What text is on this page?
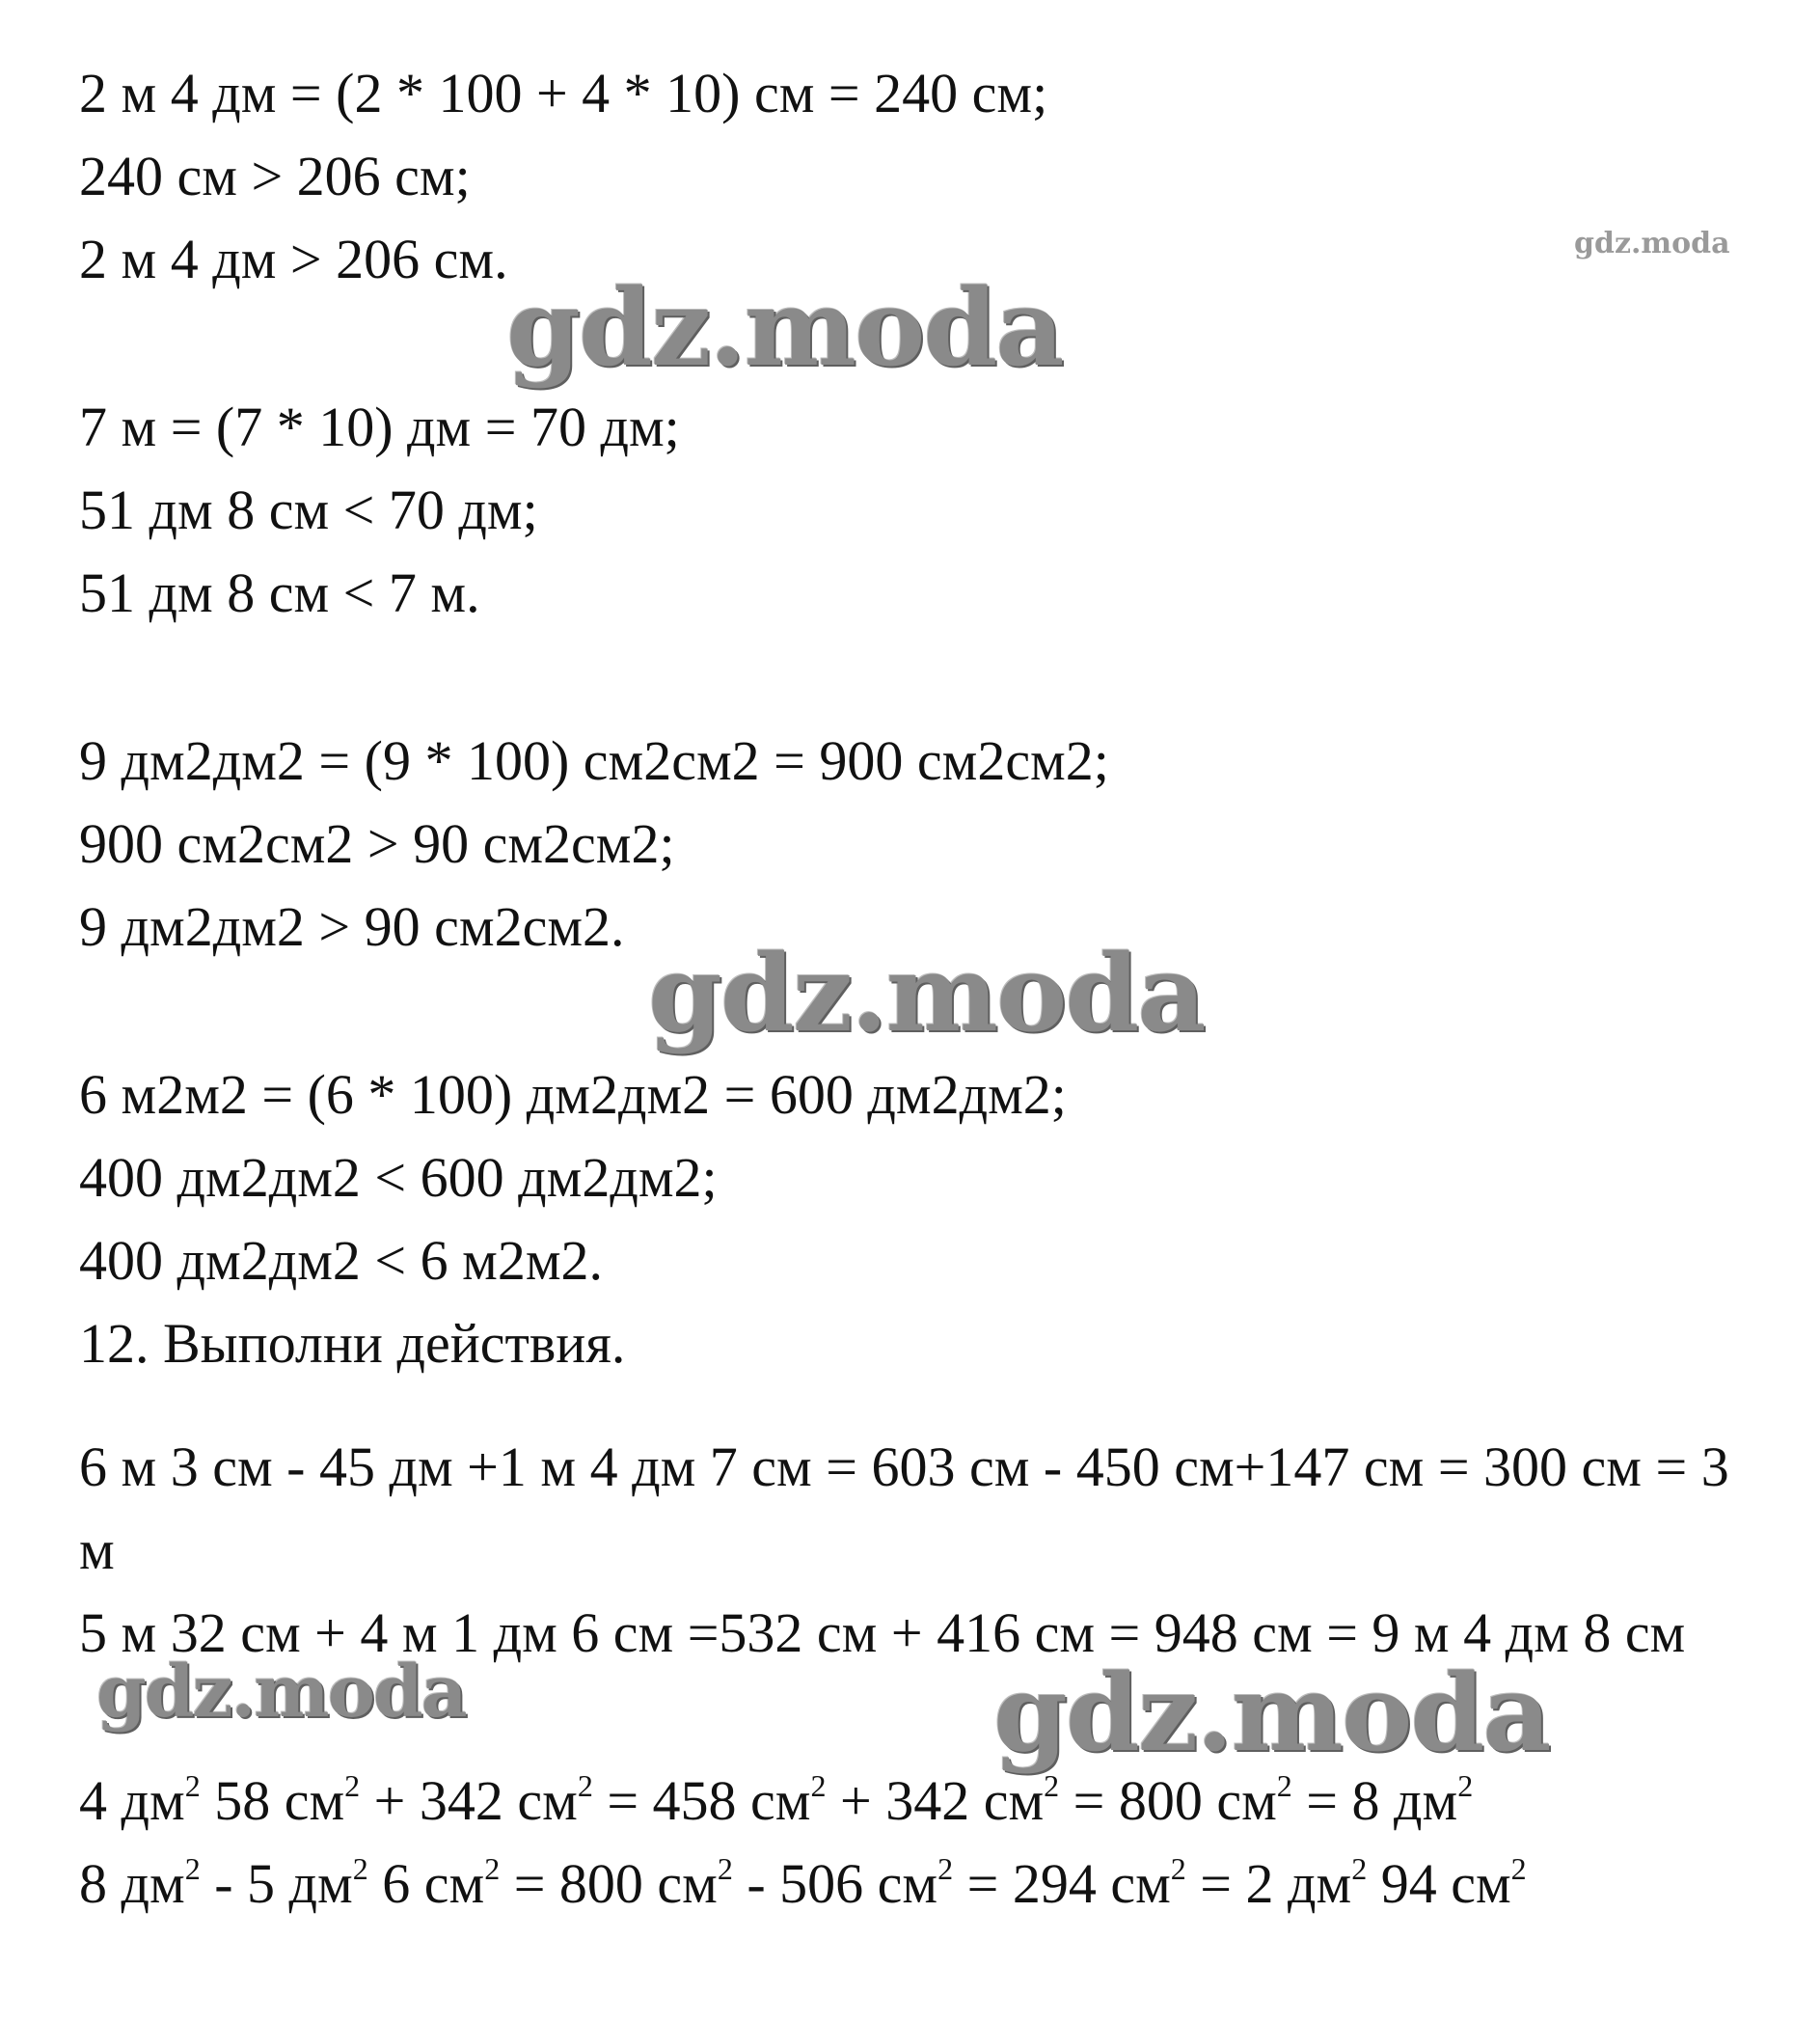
2 м 4 дм = (2 * 100 + 4 * 10) см = 240 см;
240 см > 206 см;
2 м 4 дм > 206 см.
7 м = (7 * 10) дм = 70 дм;
51 дм 8 см < 70 дм;
51 дм 8 см < 7 м.
9 дм2дм2 = (9 * 100) см2см2 = 900 см2см2;
900 см2см2 > 90 см2см2;
9 дм2дм2 > 90 см2см2.
6 м2м2 = (6 * 100) дм2дм2 = 600 дм2дм2;
400 дм2дм2 < 600 дм2дм2;
400 дм2дм2 < 6 м2м2.
12. Выполни действия.
6 м 3 см - 45 дм +1 м 4 дм 7 см = 603 см - 450 см+147 см = 300 см = 3
м
5 м 32 см + 4 м 1 дм 6 см =532 см + 416 см = 948 см = 9 м 4 дм 8 см
4 $дм^2$ 58 $см^2 + 342$ $см^2 = 458$ $см^2 + 342$ $см^2 = 800$ $см^2 = 8$ $дм^2$
8 $дм^2 - 5$ $дм^2$ 6 $см^2 = 800$ $см^2 - 506$ $см^2 = 294$ $см^2 = 2$ $дм^2$ 94 $см^2$
gdz.moda
gdz.moda
gdz.moda
gdz.moda	gdz.moda
